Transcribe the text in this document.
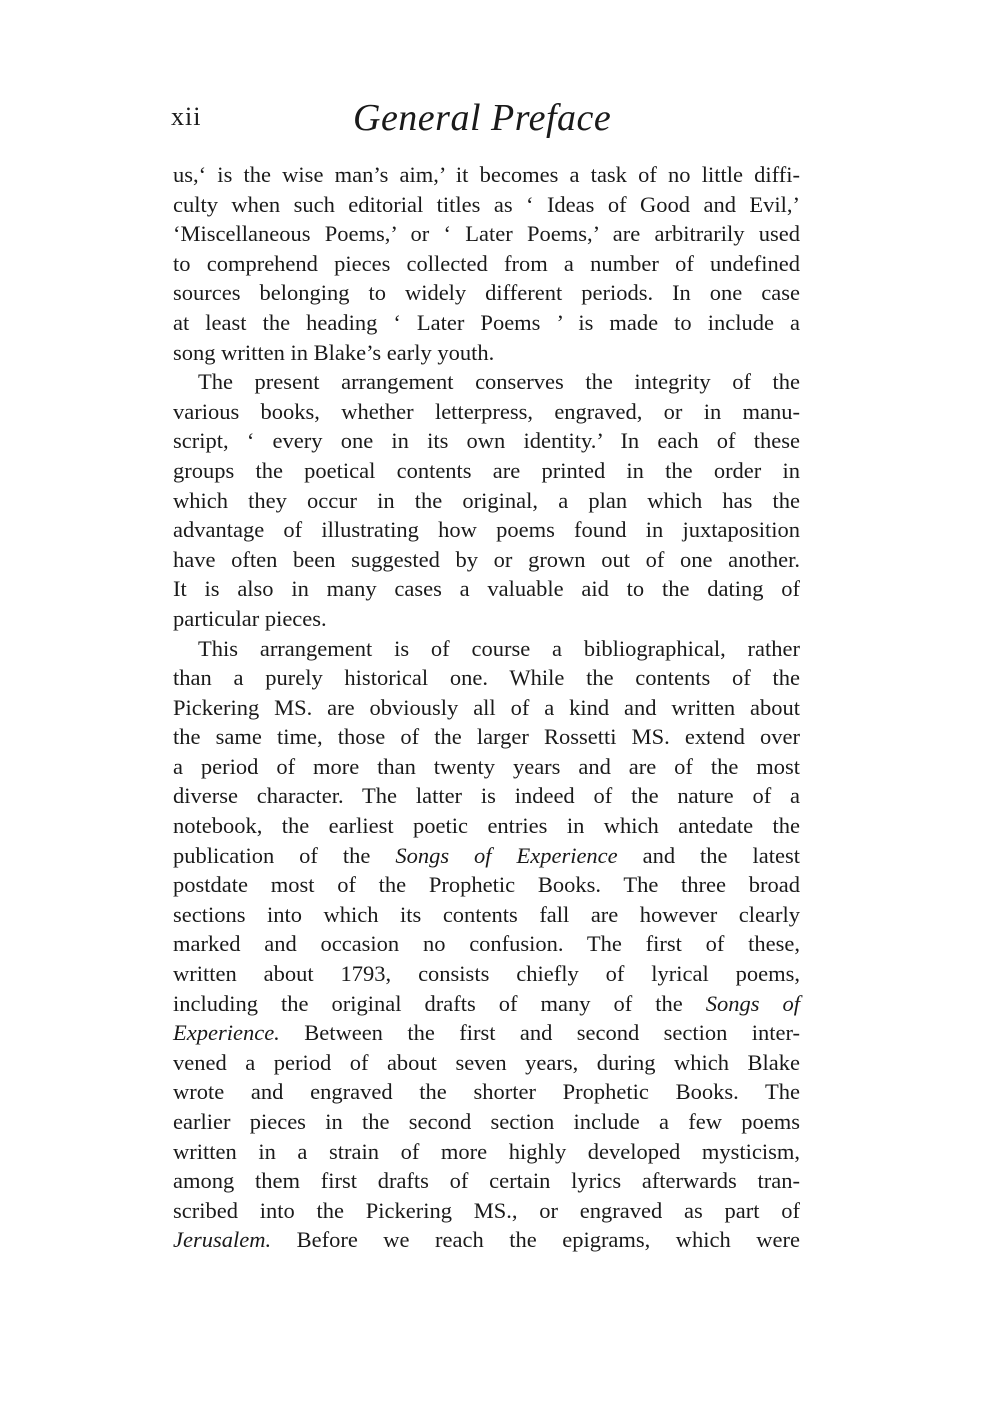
xii	General Preface
us,‘ is the wise man’s aim,’ it becomes a task of no little diffi-
culty when such editorial titles as ‘ Ideas of Good and Evil,’
‘Miscellaneous Poems,’ or ‘ Later Poems,’ are arbitrarily used
to comprehend pieces collected from a number of undefined
sources belonging to widely different periods. In one case
at least the heading ‘ Later Poems ’ is made to include a
song written in Blake’s early youth.
The present arrangement conserves the integrity of the
various books, whether letterpress, engraved, or in manu-
script, ‘ every one in its own identity.’ In each of these
groups the poetical contents are printed in the order in
which they occur in the original, a plan which has the
advantage of illustrating how poems found in juxtaposition
have often been suggested by or grown out of one another.
It is also in many cases a valuable aid to the dating of
particular pieces.
This arrangement is of course a bibliographical, rather
than a purely historical one. While the contents of the
Pickering MS. are obviously all of a kind and written about
the same time, those of the larger Rossetti MS. extend over
a period of more than twenty years and are of the most
diverse character. The latter is indeed of the nature of a
notebook, the earliest poetic entries in which antedate the
publication of the Songs of Experience and the latest
postdate most of the Prophetic Books. The three broad
sections into which its contents fall are however clearly
marked and occasion no confusion. The first of these,
written about 1793, consists chiefly of lyrical poems,
including the original drafts of many of the Songs of
Experience. Between the first and second section inter-
vened a period of about seven years, during which Blake
wrote and engraved the shorter Prophetic Books. The
earlier pieces in the second section include a few poems
written in a strain of more highly developed mysticism,
among them first drafts of certain lyrics afterwards tran-
scribed into the Pickering MS., or engraved as part of
Jerusalem. Before we reach the epigrams, which were
